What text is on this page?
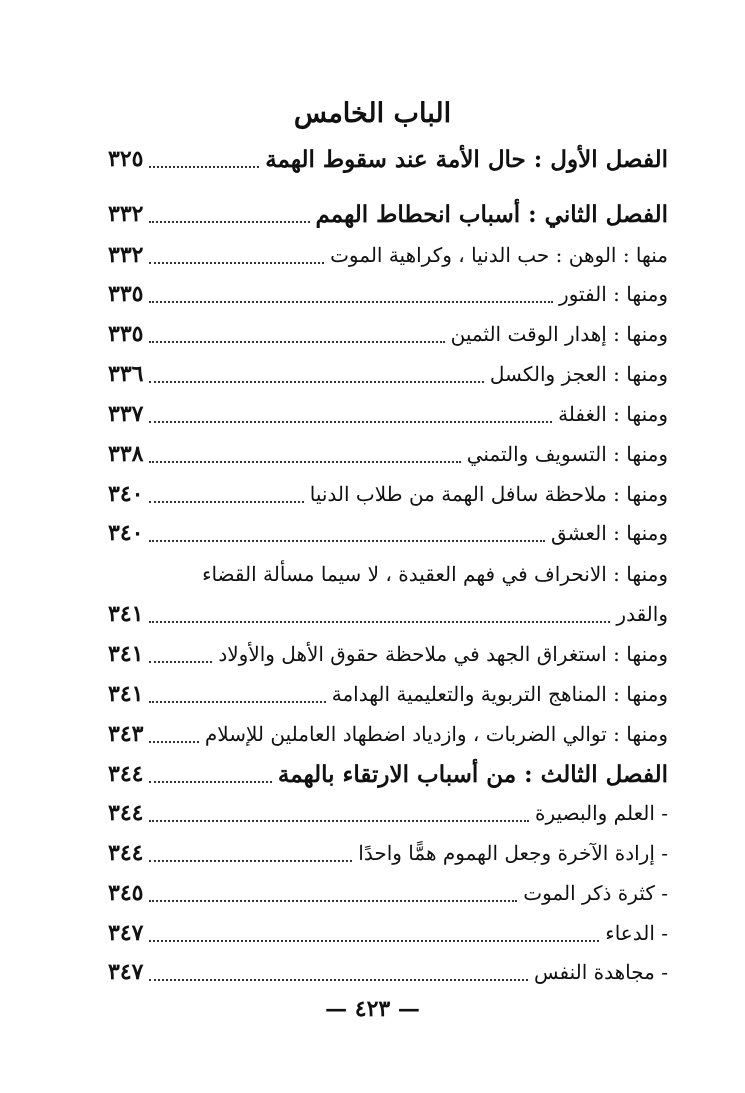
الباب الخامس
الفصل الأول : حال الأمة عند سقوط الهمة
٣٢٥
الفصل الثاني : أسباب انحطاط الهمم
٣٣٢
منها : الوهن : حب الدنيا ، وكراهية الموت
٣٣٢
ومنها : الفتور
٣٣٥
ومنها : إهدار الوقت الثمين
٣٣٥
ومنها : العجز والكسل
٣٣٦
ومنها : الغفلة
٣٣٧
ومنها : التسويف والتمني
٣٣٨
ومنها : ملاحظة سافل الهمة من طلاب الدنيا
٣٤٠
ومنها : العشق
٣٤٠
ومنها : الانحراف في فهم العقيدة ، لا سيما مسألة القضاء
والقدر
٣٤١
ومنها : استغراق الجهد في ملاحظة حقوق الأهل والأولاد
٣٤١
ومنها : المناهج التربوية والتعليمية الهدامة
٣٤١
ومنها : توالي الضربات ، وازدياد اضطهاد العاملين للإسلام
٣٤٣
الفصل الثالث : من أسباب الارتقاء بالهمة
٣٤٤
- العلم والبصيرة
٣٤٤
- إرادة الآخرة وجعل الهموم همًّا واحدًا
٣٤٤
- كثرة ذكر الموت
٣٤٥
- الدعاء
٣٤٧
- مجاهدة النفس
٣٤٧
— ٤٢٣ —
